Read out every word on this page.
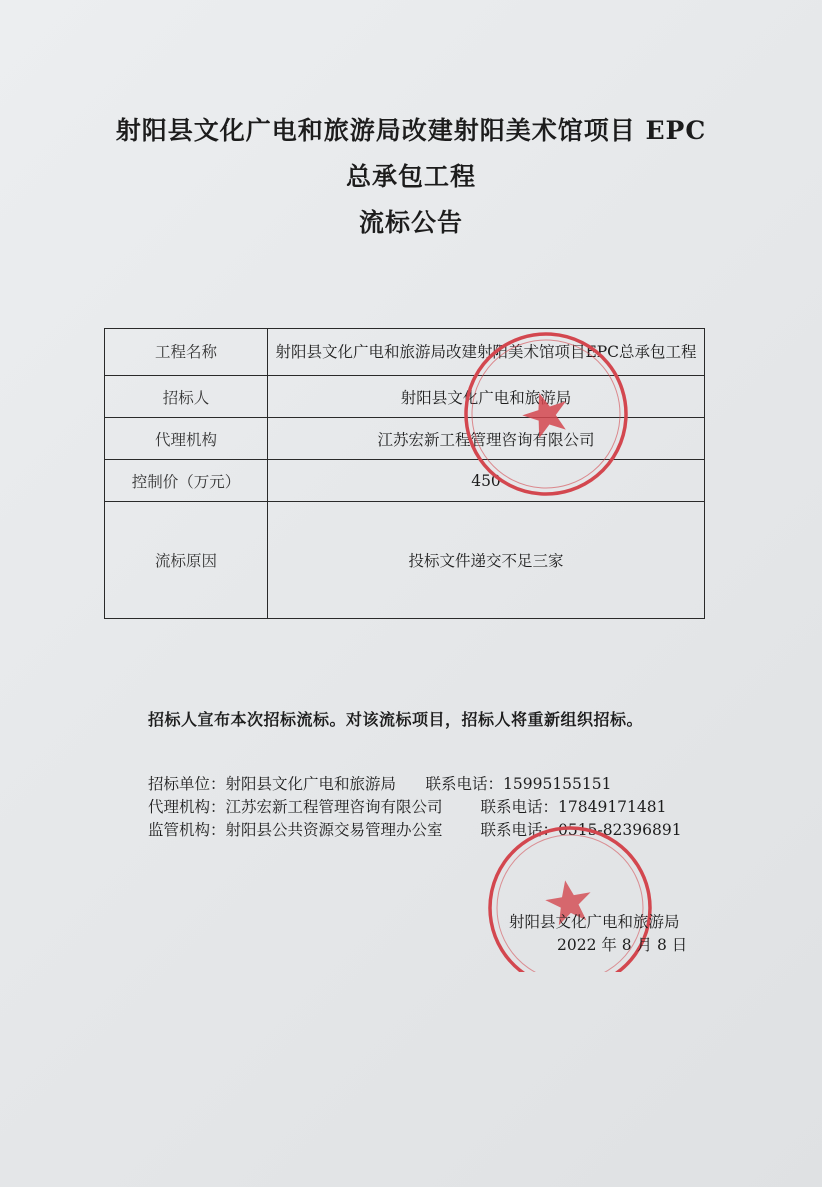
射阳县文化广电和旅游局改建射阳美术馆项目 EPC
总承包工程
流标公告
工程名称	射阳县文化广电和旅游局改建射阳美术馆项目EPC总承包工程
招标人	射阳县文化广电和旅游局
代理机构	江苏宏新工程管理咨询有限公司
控制价（万元）	450
流标原因	投标文件递交不足三家
招标人宣布本次招标流标。对该流标项目，招标人将重新组织招标。
招标单位：射阳县文化广电和旅游局 联系电话：15995155151
代理机构：江苏宏新工程管理咨询有限公司 联系电话：17849171481
监管机构：射阳县公共资源交易管理办公室 联系电话：0515-82396891
射阳县文化广电和旅游局
2022 年 8 月 8 日
